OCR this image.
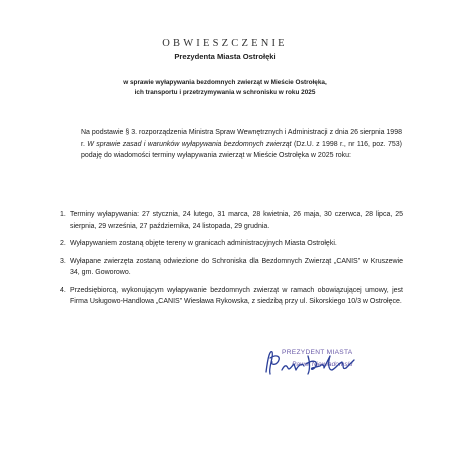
OBWIESZCZENIE
Prezydenta Miasta Ostrołęki
w sprawie wyłapywania bezdomnych zwierząt w Mieście Ostrołęka,
ich transportu i przetrzymywania w schronisku w roku 2025
Na podstawie § 3. rozporządzenia Ministra Spraw Wewnętrznych i Administracji z dnia 26 sierpnia 1998 r. W sprawie zasad i warunków wyłapywania bezdomnych zwierząt (Dz.U. z 1998 r., nr 116, poz. 753) podaję do wiadomości terminy wyłapywania zwierząt w Mieście Ostrołęka w 2025 roku:
1. Terminy wyłapywania: 27 stycznia, 24 lutego, 31 marca, 28 kwietnia, 26 maja, 30 czerwca, 28 lipca, 25 sierpnia, 29 września, 27 października, 24 listopada, 29 grudnia.
2. Wyłapywaniem zostaną objęte tereny w granicach administracyjnych Miasta Ostrołęki.
3. Wyłapane zwierzęta zostaną odwiezione do Schroniska dla Bezdomnych Zwierząt „CANIS” w Kruszewie 34, gm. Goworowo.
4. Przedsiębiorcą, wykonującym wyłapywanie bezdomnych zwierząt w ramach obowiązującej umowy, jest Firma Usługowo-Handlowa „CANIS” Wiesława Rykowska, z siedzibą przy ul. Sikorskiego 10/3 w Ostrołęce.
PREZYDENT MIASTA
Paweł Niewiadomski
